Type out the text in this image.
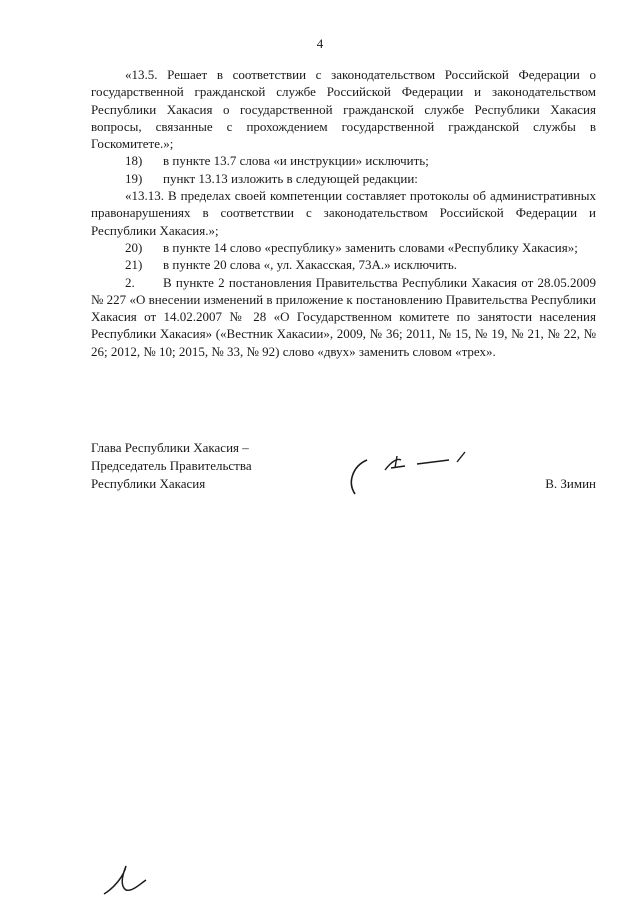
4

«13.5. Решает в соответствии с законодательством Российской Федерации о государственной гражданской службе Российской Федерации и законодательством Республики Хакасия о государственной гражданской службе Республики Хакасия вопросы, связанные с прохождением государственной гражданской службы в Госкомитете.»;

18) в пункте 13.7 слова «и инструкции» исключить;

19) пункт 13.13 изложить в следующей редакции:

«13.13. В пределах своей компетенции составляет протоколы об административных правонарушениях в соответствии с законодательством Российской Федерации и Республики Хакасия.»;

20) в пункте 14 слово «республику» заменить словами «Республику Хакасия»;

21) в пункте 20 слова «, ул. Хакасская, 73А.» исключить.

2. В пункте 2 постановления Правительства Республики Хакасия от 28.05.2009 № 227 «О внесении изменений в приложение к постановлению Правительства Республики Хакасия от 14.02.2007 № 28 «О Государственном комитете по занятости населения Республики Хакасия» («Вестник Хакасии», 2009, № 36; 2011, № 15, № 19, № 21, № 22, № 26; 2012, № 10; 2015, № 33, № 92) слово «двух» заменить словом «трех».

Глава Республики Хакасия –
Председатель Правительства
Республики Хакасия	В. Зимин
